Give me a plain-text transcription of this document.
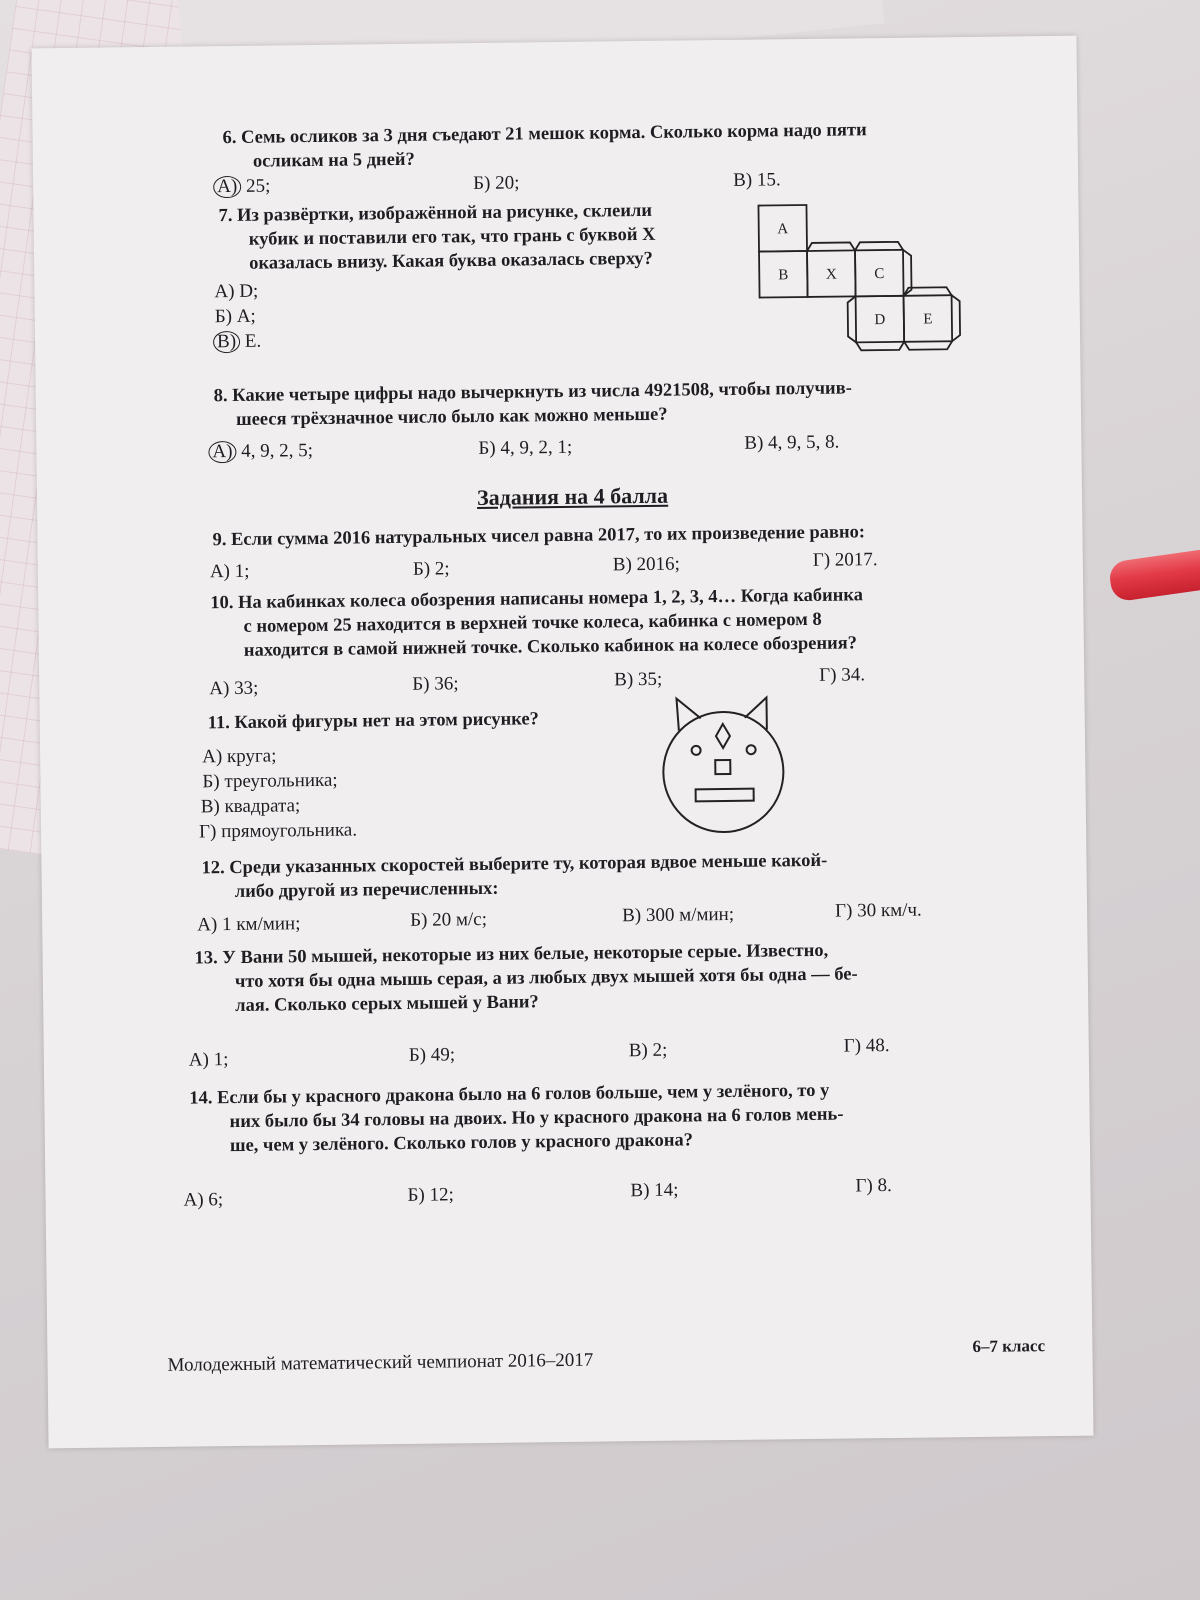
6. Семь осликов за 3 дня съедают 21 мешок корма. Сколько корма надо пяти
осликам на 5 дней?
А) 25;	Б) 20;	В) 15.
7. Из развёртки, изображённой на рисунке, склеили
кубик и поставили его так, что грань с буквой X
оказалась внизу. Какая буква оказалась сверху?
А) D;
Б) А;
В) Е.
A
B X C
D	E
8. Какие четыре цифры надо вычеркнуть из числа 4921508, чтобы получив-
шееся трёхзначное число было как можно меньше?
А) 4, 9, 2, 5;	Б) 4, 9, 2, 1;	В) 4, 9, 5, 8.
Задания на 4 балла
9. Если сумма 2016 натуральных чисел равна 2017, то их произведение равно:
А) 1;	Б) 2;	В) 2016;	Г) 2017.
10. На кабинках колеса обозрения написаны номера 1, 2, 3, 4… Когда кабинка
с номером 25 находится в верхней точке колеса, кабинка с номером 8
находится в самой нижней точке. Сколько кабинок на колесе обозрения?
А) 33;	Б) 36;	В) 35;	Г) 34.
11. Какой фигуры нет на этом рисунке?
А) круга;
Б) треугольника;
В) квадрата;
Г) прямоугольника.
12. Среди указанных скоростей выберите ту, которая вдвое меньше какой-
либо другой из перечисленных:
А) 1 км/мин;	Б) 20 м/с;	В) 300 м/мин;	Г) 30 км/ч.
13. У Вани 50 мышей, некоторые из них белые, некоторые серые. Известно,
что хотя бы одна мышь серая, а из любых двух мышей хотя бы одна — бе-
лая. Сколько серых мышей у Вани?
А) 1;	Б) 49;	В) 2;	Г) 48.
14. Если бы у красного дракона было на 6 голов больше, чем у зелёного, то у
них было бы 34 головы на двоих. Но у красного дракона на 6 голов мень-
ше, чем у зелёного. Сколько голов у красного дракона?
А) 6;	Б) 12;	В) 14;	Г) 8.
Молодежный математический чемпионат 2016–2017
6–7 класс
